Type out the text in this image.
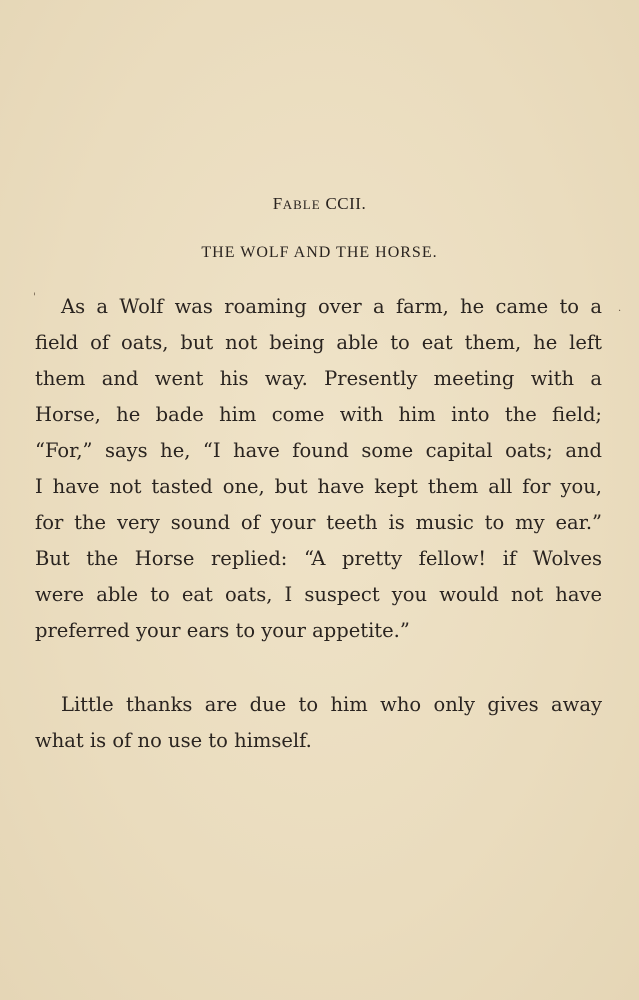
'
·
FABLE CCII.
THE WOLF AND THE HORSE.
As a Wolf was roaming over a farm, he came to a
field of oats, but not being able to eat them, he left
them and went his way. Presently meeting with a
Horse, he bade him come with him into the field;
“For,” says he, “I have found some capital oats; and
I have not tasted one, but have kept them all for you,
for the very sound of your teeth is music to my ear.”
But the Horse replied: “A pretty fellow! if Wolves
were able to eat oats, I suspect you would not have
preferred your ears to your appetite.”
Little thanks are due to him who only gives away
what is of no use to himself.
